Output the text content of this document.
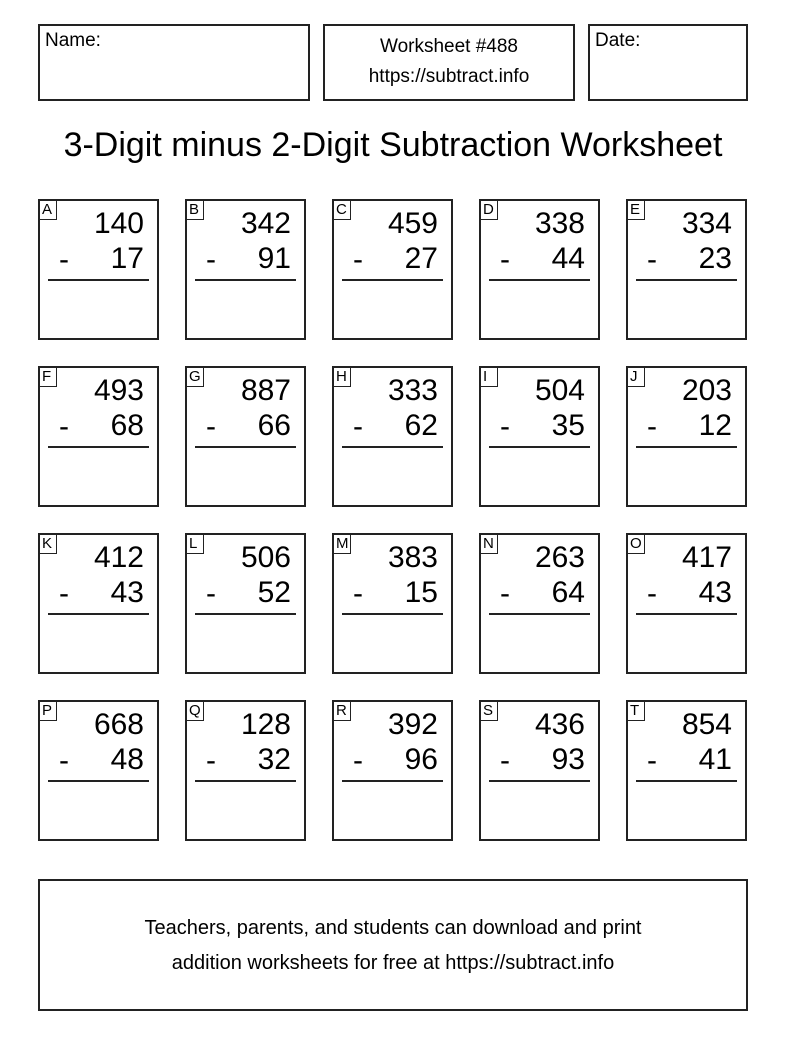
Name:	Worksheet #488
https://subtract.info
Date:
3-Digit minus 2-Digit Subtraction Worksheet
A 140
- 17
B 342
- 91
C 459
- 27
D 338
- 44
E 334
- 23
F 493
- 68
G 887
- 66
H 333
- 62
I	504
- 35
J 203
- 12
K 412
- 43
L 506
- 52
M 383
- 15
N 263
- 64
O 417
- 43
P 668
- 48
Q 128
- 32
R 392
- 96
S 436
- 93
T 854
- 41
Teachers, parents, and students can download and print
addition worksheets for free at https://subtract.info
